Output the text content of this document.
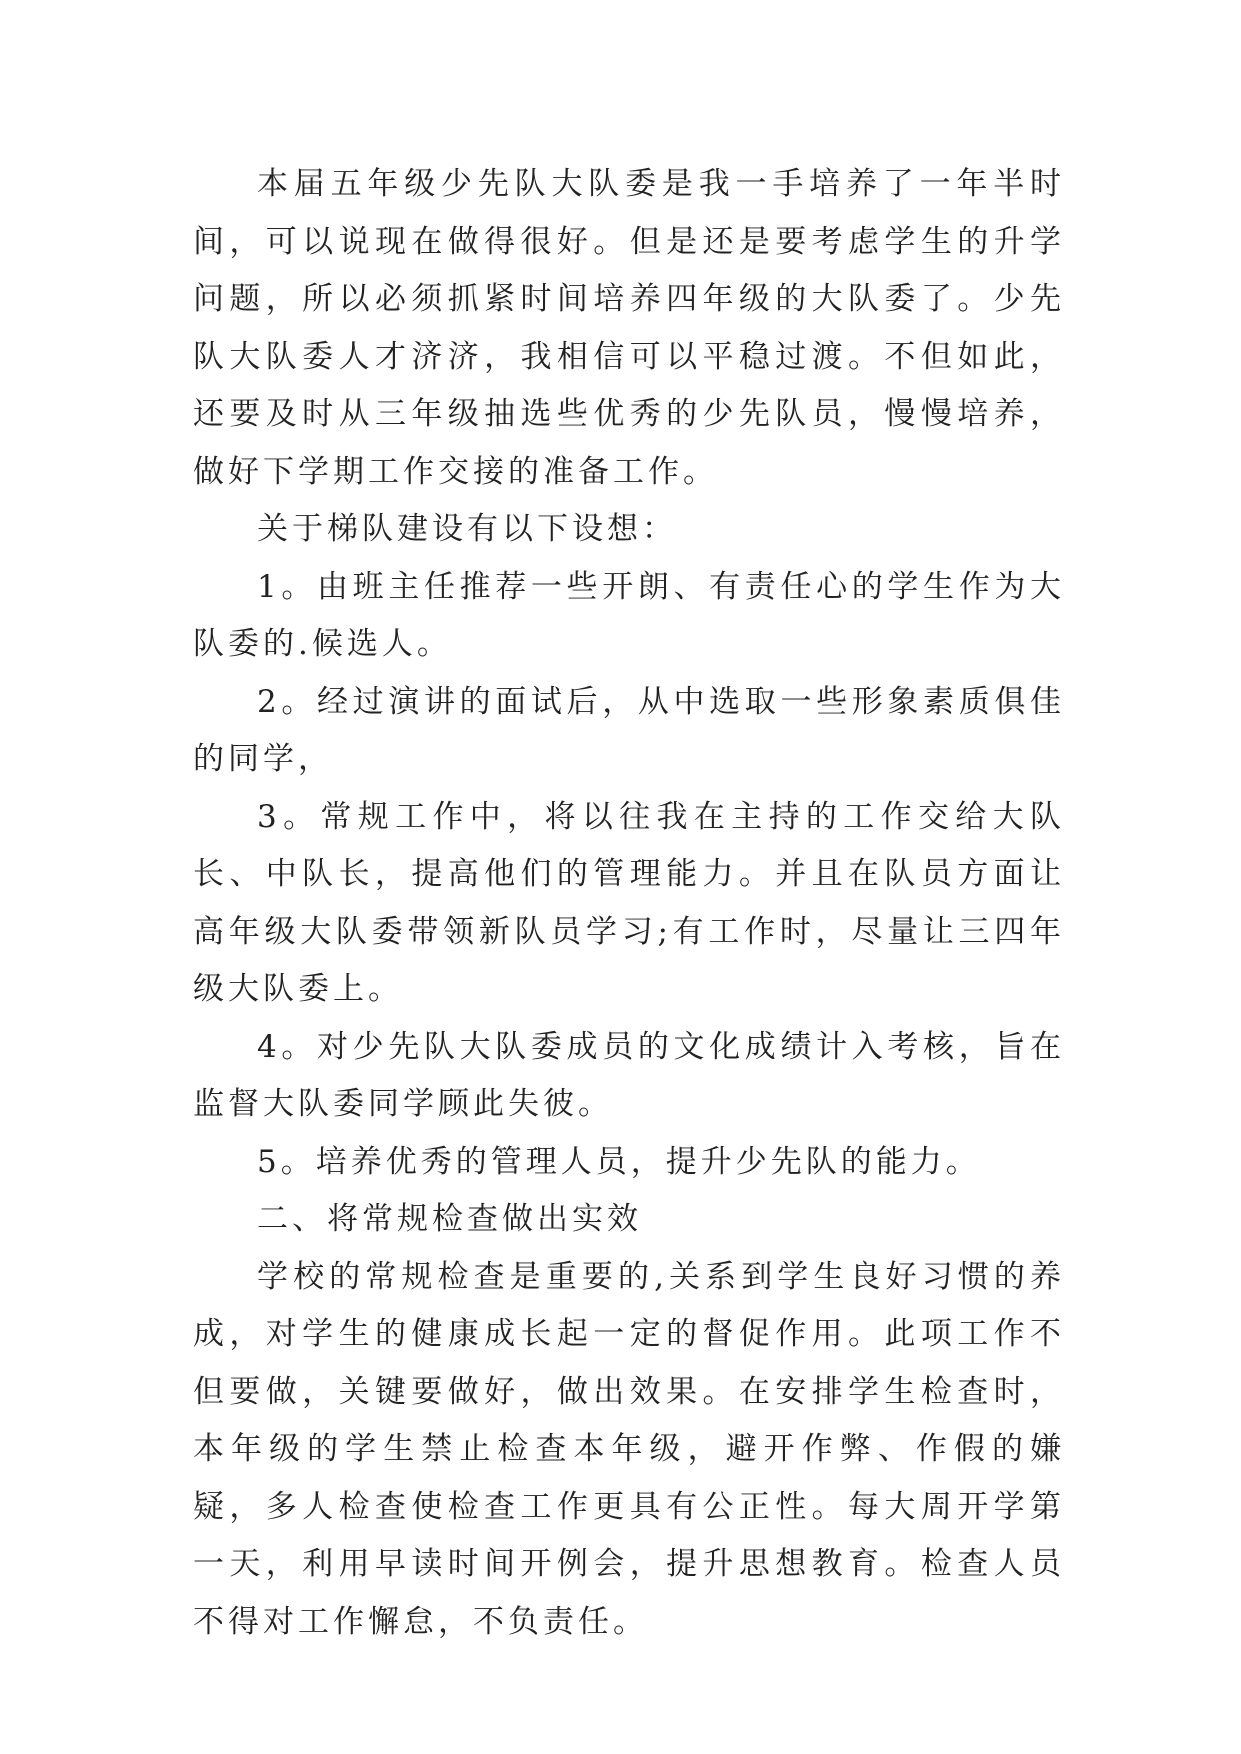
本届五年级少先队大队委是我一手培养了一年半时间，可以说现在做得很好。但是还是要考虑学生的升学问题，所以必须抓紧时间培养四年级的大队委了。少先队大队委人才济济，我相信可以平稳过渡。不但如此，还要及时从三年级抽选些优秀的少先队员，慢慢培养，做好下学期工作交接的准备工作。

关于梯队建设有以下设想：

1。由班主任推荐一些开朗、有责任心的学生作为大队委的.候选人。

2。经过演讲的面试后，从中选取一些形象素质俱佳的同学，

3。常规工作中，将以往我在主持的工作交给大队长、中队长，提高他们的管理能力。并且在队员方面让高年级大队委带领新队员学习;有工作时，尽量让三四年级大队委上。

4。对少先队大队委成员的文化成绩计入考核，旨在监督大队委同学顾此失彼。

5。培养优秀的管理人员，提升少先队的能力。

二、将常规检查做出实效

学校的常规检查是重要的,关系到学生良好习惯的养成，对学生的健康成长起一定的督促作用。此项工作不但要做，关键要做好，做出效果。在安排学生检查时，本年级的学生禁止检查本年级，避开作弊、作假的嫌疑，多人检查使检查工作更具有公正性。每大周开学第一天，利用早读时间开例会，提升思想教育。检查人员不得对工作懈怠，不负责任。
